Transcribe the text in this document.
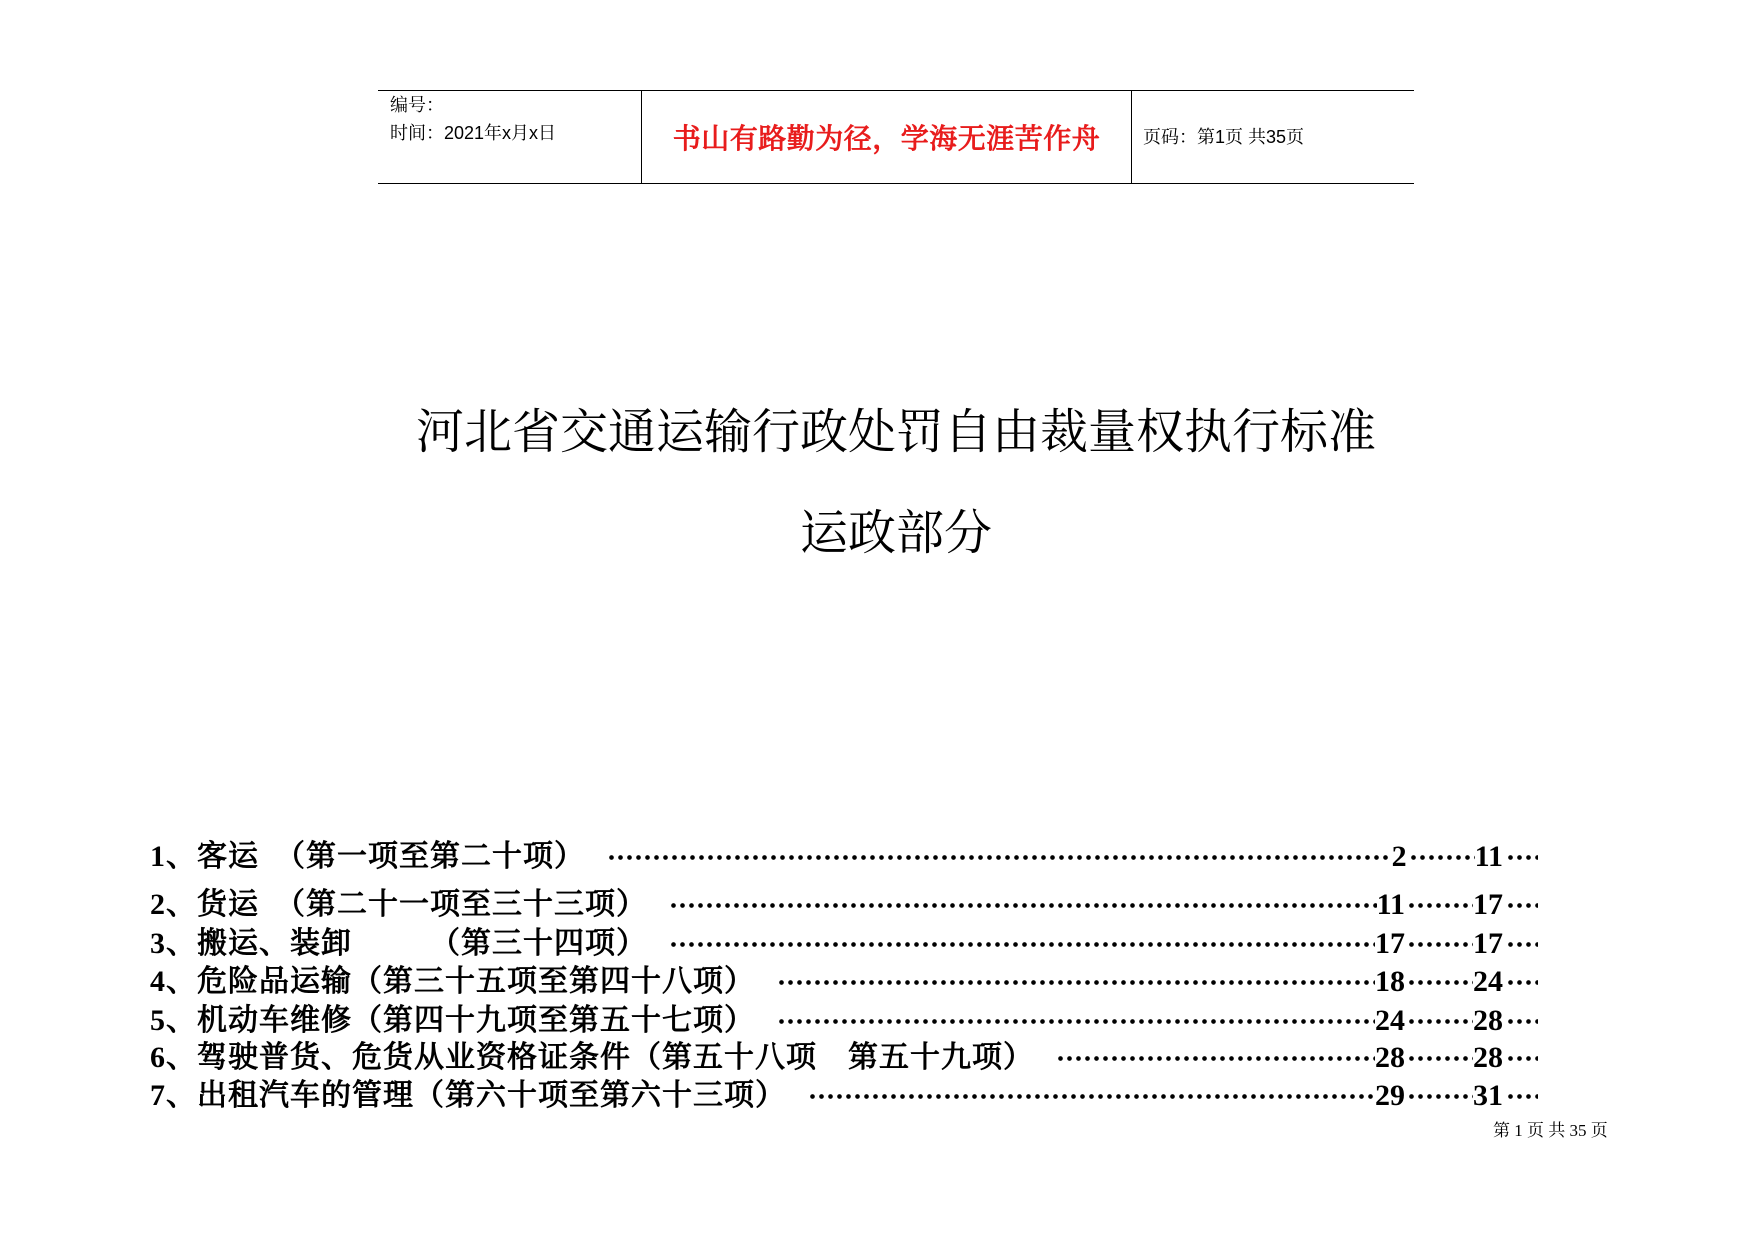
编号：
时间：2021年x月x日	书山有路勤为径，学海无涯苦作舟 页码：第1页 共35页
河北省交通运输行政处罚自由裁量权执行标准
运政部分
1、客运　（第一项至第二十项）	2 11
2、货运　（第二十一项至三十三项）	11 17
3、搬运、装卸　　　（第三十四项）	17 17
4、危险品运输（第三十五项至第四十八项）	18 24
5、机动车维修（第四十九项至第五十七项）	24 28
6、驾驶普货、危货从业资格证条件（第五十八项　第五十九项）	28 28
7、出租汽车的管理（第六十项至第六十三项）	29 31
第 1 页 共 35 页
